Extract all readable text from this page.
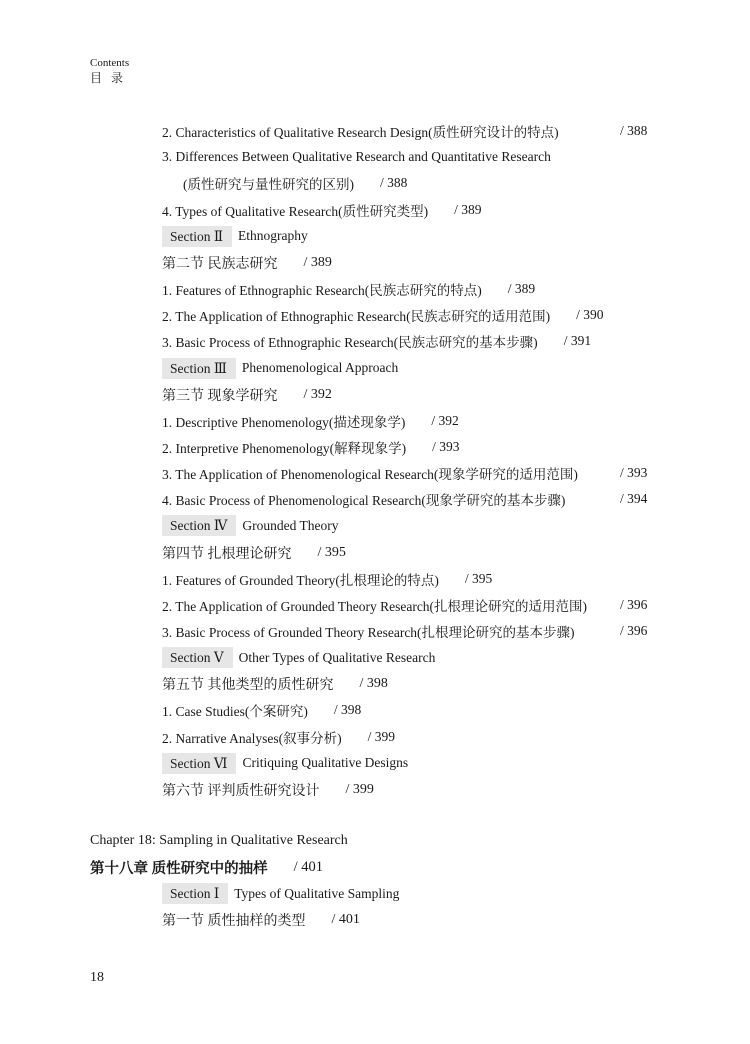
Contents
目 录
2. Characteristics of Qualitative Research Design(质性研究设计的特点)	/ 388
3. Differences Between Qualitative Research and Quantitative Research
(质性研究与量性研究的区别) / 388
4. Types of Qualitative Research(质性研究类型) / 389
Section Ⅱ	Ethnography
第二节 民族志研究 / 389
1. Features of Ethnographic Research(民族志研究的特点) / 389
2. The Application of Ethnographic Research(民族志研究的适用范围) / 390
3. Basic Process of Ethnographic Research(民族志研究的基本步骤) / 391
Section Ⅲ	Phenomenological Approach
第三节 现象学研究 / 392
1. Descriptive Phenomenology(描述现象学) / 392
2. Interpretive Phenomenology(解释现象学) / 393
3. The Application of Phenomenological Research(现象学研究的适用范围)	/ 393
4. Basic Process of Phenomenological Research(现象学研究的基本步骤)	/ 394
Section Ⅳ	Grounded Theory
第四节 扎根理论研究 / 395
1. Features of Grounded Theory(扎根理论的特点) / 395
2. The Application of Grounded Theory Research(扎根理论研究的适用范围) / 396
3. Basic Process of Grounded Theory Research(扎根理论研究的基本步骤)	/ 396
Section Ⅴ	Other Types of Qualitative Research
第五节 其他类型的质性研究 / 398
1. Case Studies(个案研究) / 398
2. Narrative Analyses(叙事分析) / 399
Section Ⅵ	Critiquing Qualitative Designs
第六节 评判质性研究设计 / 399
Chapter 18: Sampling in Qualitative Research
第十八章 质性研究中的抽样 / 401
Section Ⅰ	Types of Qualitative Sampling
第一节 质性抽样的类型 / 401
18
